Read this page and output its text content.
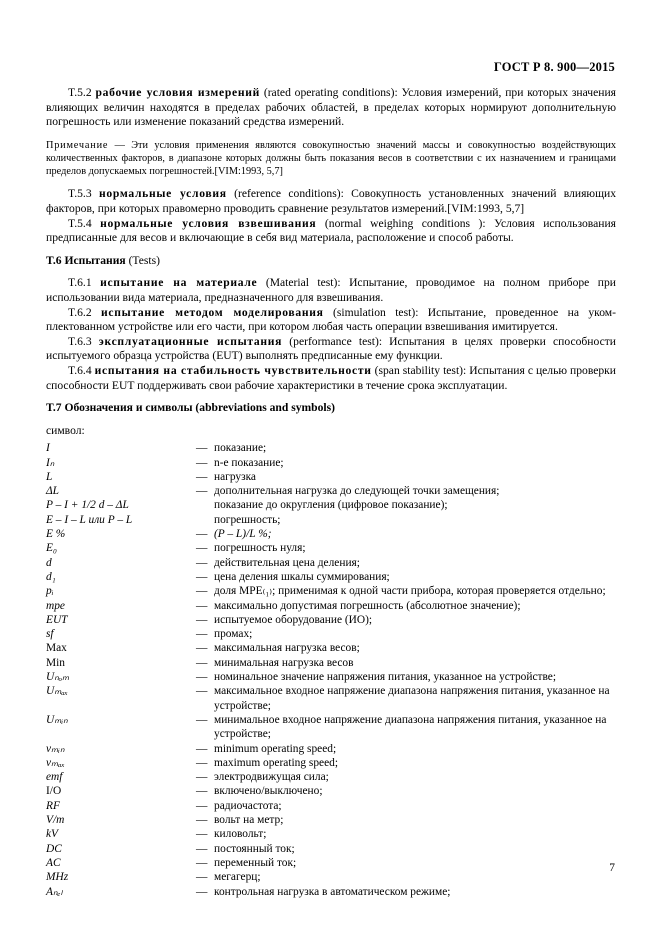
ГОСТ Р 8. 900—2015

T.5.2 рабочие условия измерений (rated operating conditions): Условия измерений, при которых значения влияющих величин находятся в пределах рабочих областей, в пределах которых нормируют дополнительную погрешность или изменение показаний средства измерений.

Примечание — Эти условия применения являются совокупностью значений массы и совокупностью воздействующих количественных факторов, в диапазоне которых должны быть показания весов в соответствии с их назначением и границами пределов допускаемых погрешностей.[VIM:1993, 5,7]

T.5.3 нормальные условия (reference conditions): Совокупность установленных значений влияющих факторов, при которых правомерно проводить сравнение результатов измерений.[VIM:1993, 5,7]

T.5.4 нормальные условия взвешивания (normal weighing conditions ): Условия использования предписанные для весов и включающие в себя вид материала, расположение и способ работы.

T.6 Испытания (Tests)

T.6.1 испытание на материале (Material test): Испытание, проводимое на полном приборе при использовании вида материала, предназначенного для взвешивания.

T.6.2 испытание методом моделирования (simulation test): Испытание, проведенное на укомплектованном устройстве или его части, при котором любая часть операции взвешивания имитируется.

T.6.3 эксплуатационные испытания (performance test): Испытания в целях проверки способности испытуемого образца устройства (EUT) выполнять предписанные ему функции.

T.6.4 испытания на стабильность чувствительности (span stability test): Испытания с целью проверки способности EUT поддерживать свои рабочие характеристики в течение срока эксплуатации.

T.7 Обозначения и символы (abbreviations and symbols)

символ:

I	—	показание;
Iₙ	—	n-е показание;
L	—	нагрузка
ΔL	—	дополнительная нагрузка до следующей точки замещения;
P – I + 1/2 d – ΔL		показание до округления (цифровое показание);
E – I – L или P – L		погрешность;
E %	—	(P – L)/L %;
E₀	—	погрешность нуля;
d	—	действительная цена деления;
d₁	—	цена деления шкалы суммирования;
pᵢ	—	доля MPE₍₁₎; применимая к одной части прибора, которая проверяется отдельно;
mpe	—	максимально допустимая погрешность (абсолютное значение);
EUT	—	испытуемое оборудование (ИО);
sf	—	промах;
Max	—	максимальная нагрузка весов;
Min	—	минимальная нагрузка весов
Uₙₒₘ	—	номинальное значение напряжения питания, указанное на устройстве;
Uₘₐₓ	—	максимальное входное напряжение диапазона напряжения питания, указанное на устройстве;
Uₘᵢₙ	—	минимальное входное напряжение диапазона напряжения питания, указанное на устройстве;
vₘᵢₙ	—	minimum operating speed;
vₘₐₓ	—	maximum operating speed;
emf	—	электродвижущая сила;
I/O	—	включено/выключено;
RF	—	радиочастота;
V/m	—	вольт на метр;
kV	—	киловольт;
DC	—	постоянный ток;
AC	—	переменный ток;
MHz	—	мегагерц;
Aₙₑₗ	—	контрольная нагрузка в автоматическом режиме;
7
